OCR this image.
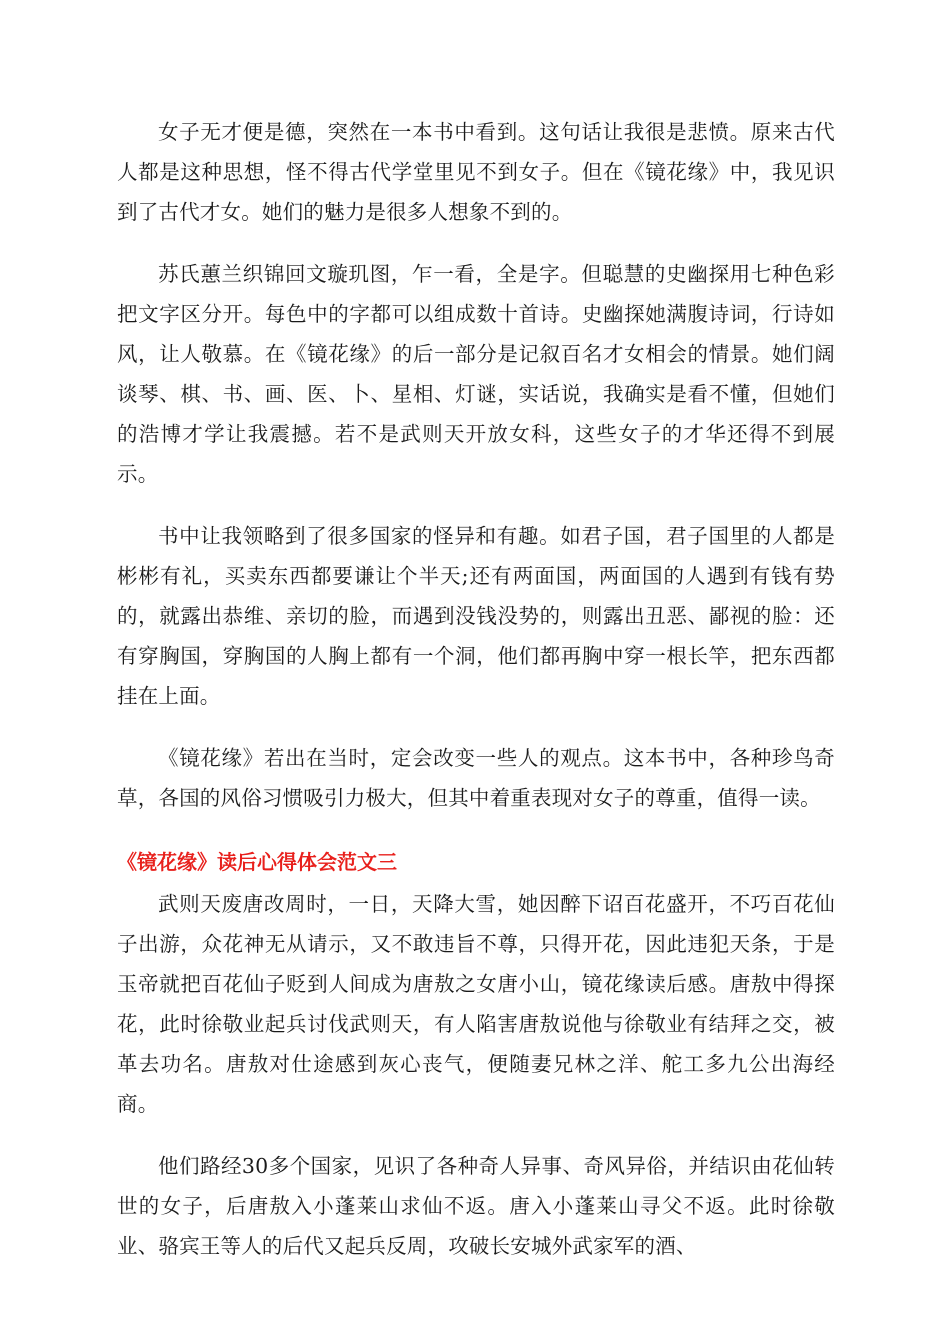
女子无才便是德，突然在一本书中看到。这句话让我很是悲愤。原来古代人都是这种思想，怪不得古代学堂里见不到女子。但在《镜花缘》中，我见识到了古代才女。她们的魅力是很多人想象不到的。

苏氏蕙兰织锦回文璇玑图，乍一看，全是字。但聪慧的史幽探用七种色彩把文字区分开。每色中的字都可以组成数十首诗。史幽探她满腹诗词，行诗如风，让人敬慕。在《镜花缘》的后一部分是记叙百名才女相会的情景。她们阔谈琴、棋、书、画、医、卜、星相、灯谜，实话说，我确实是看不懂，但她们的浩博才学让我震撼。若不是武则天开放女科，这些女子的才华还得不到展示。

书中让我领略到了很多国家的怪异和有趣。如君子国，君子国里的人都是彬彬有礼，买卖东西都要谦让个半天;还有两面国，两面国的人遇到有钱有势的，就露出恭维、亲切的脸，而遇到没钱没势的，则露出丑恶、鄙视的脸：还有穿胸国，穿胸国的人胸上都有一个洞，他们都再胸中穿一根长竿，把东西都挂在上面。

《镜花缘》若出在当时，定会改变一些人的观点。这本书中，各种珍鸟奇草，各国的风俗习惯吸引力极大，但其中着重表现对女子的尊重，值得一读。

《镜花缘》读后心得体会范文三

武则天废唐改周时，一日，天降大雪，她因醉下诏百花盛开，不巧百花仙子出游，众花神无从请示，又不敢违旨不尊，只得开花，因此违犯天条，于是玉帝就把百花仙子贬到人间成为唐敖之女唐小山，镜花缘读后感。唐敖中得探花，此时徐敬业起兵讨伐武则天，有人陷害唐敖说他与徐敬业有结拜之交，被革去功名。唐敖对仕途感到灰心丧气，便随妻兄林之洋、舵工多九公出海经商。

他们路经30多个国家，见识了各种奇人异事、奇风异俗，并结识由花仙转世的女子，后唐敖入小蓬莱山求仙不返。唐入小蓬莱山寻父不返。此时徐敬业、骆宾王等人的后代又起兵反周，攻破长安城外武家军的酒、
